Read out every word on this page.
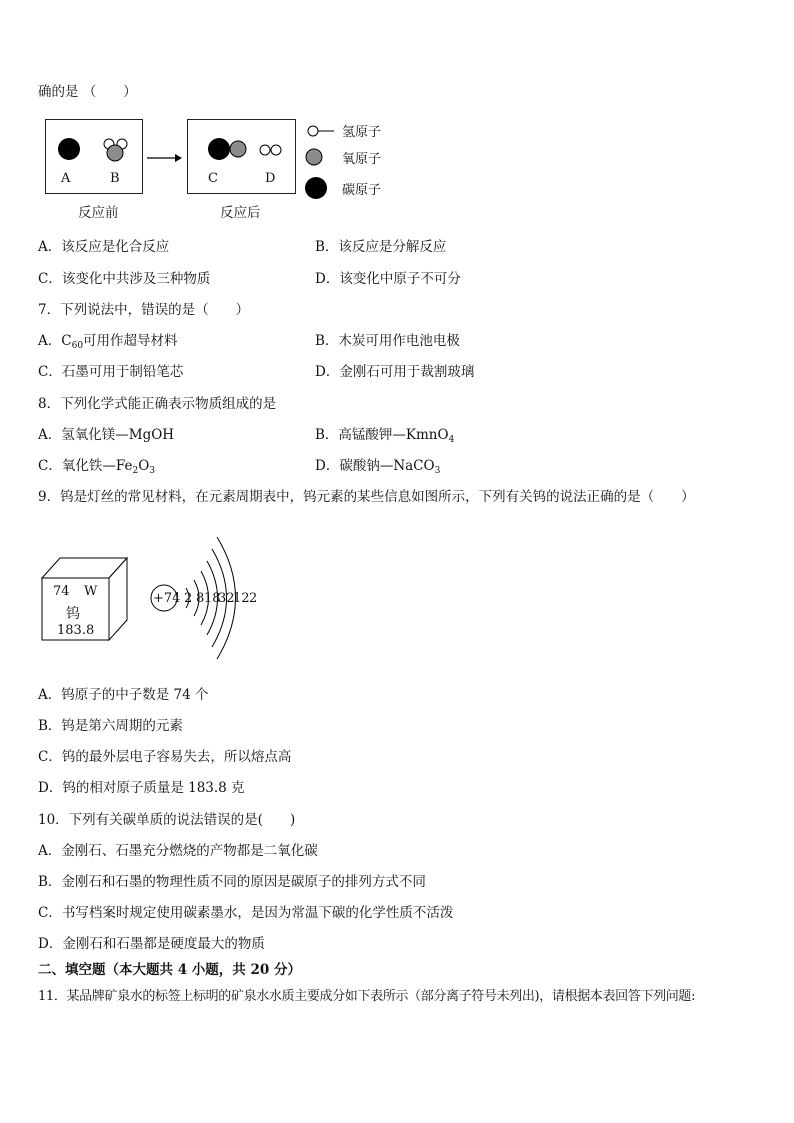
确的是 （　　）
A	B
反应前
C	D
反应后
氢原子
氧原子
碳原子
A．该反应是化合反应	B．该反应是分解反应
C．该变化中共涉及三种物质	D．该变化中原子不可分
7．下列说法中，错误的是（　　）
A．$C_{60}$可用作超导材料	B．木炭可用作电池电极
C．石墨可用于制铅笔芯	D．金刚石可用于裁割玻璃
8．下列化学式能正确表示物质组成的是
A．氢氧化镁—MgOH	B．高锰酸钾—KmnO$_4$
C．氧化铁$—Fe_2O_3$	D．碳酸钠—NaCO$_3$
9．钨是灯丝的常见材料，在元素周期表中，钨元素的某些信息如图所示，下列有关钨的说法正确的是（　　）
74 W
钨
183.8
+74 2 8 18
32
12 2
A．钨原子的中子数是 74 个
B．钨是第六周期的元素
C．钨的最外层电子容易失去，所以熔点高
D．钨的相对原子质量是 183.8 克
10．下列有关碳单质的说法错误的是(　　)
A．金刚石、石墨充分燃烧的产物都是二氧化碳
B．金刚石和石墨的物理性质不同的原因是碳原子的排列方式不同
C．书写档案时规定使用碳素墨水，是因为常温下碳的化学性质不活泼
D．金刚石和石墨都是硬度最大的物质
二、填空题（本大题共 4 小题，共 20 分）
11．某品牌矿泉水的标签上标明的矿泉水水质主要成分如下表所示（部分离子符号未列出)，请根据本表回答下列问题:
